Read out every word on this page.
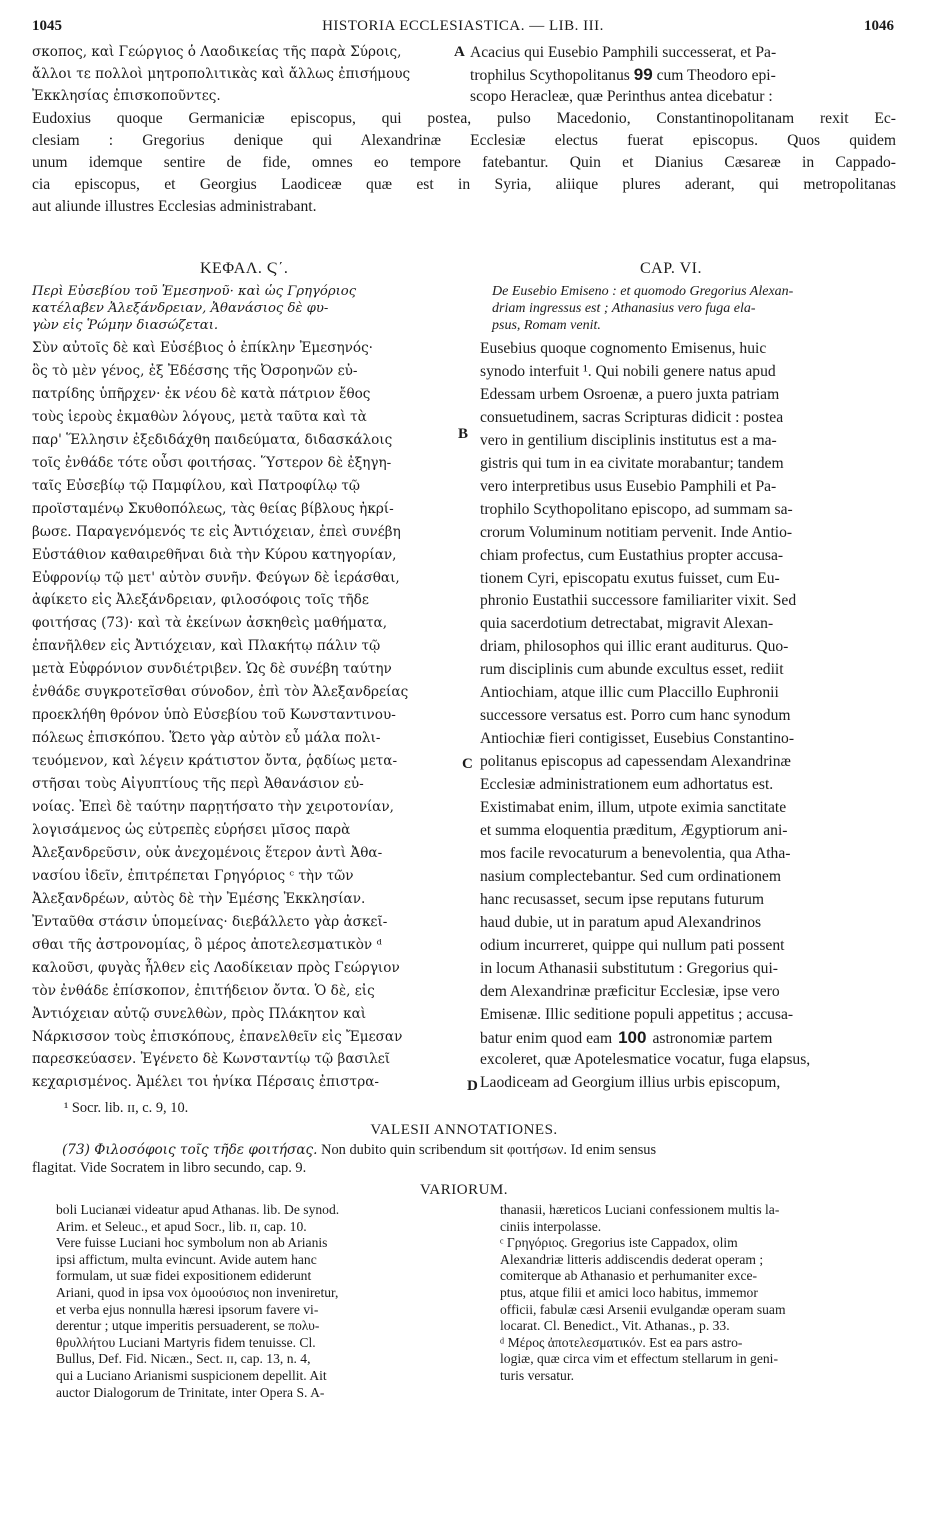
1045	HISTORIA ECCLESIASTICA. — LIB. III.	1046
σκοπος, καὶ Γεώργιος ὁ Λαοδικείας τῆς παρὰ Σύροις,
ἄλλοι τε πολλοὶ μητροπολιτικὰς καὶ ἄλλως ἐπισήμους
Ἐκκλησίας ἐπισκοποῦντες.
A Acacius qui Eusebio Pamphili successerat, et Pa-
trophilus Scythopolitanus 99 cum Theodoro epi-
scopo Heracleæ, quæ Perinthus antea dicebatur :
Eudoxius quoque Germaniciæ episcopus, qui postea, pulso Macedonio, Constantinopolitanam rexit Ec-
clesiam : Gregorius denique qui Alexandrinæ Ecclesiæ electus fuerat episcopus. Quos quidem
unum idemque sentire de fide, omnes eo tempore fatebantur. Quin et Dianius Cæsareæ in Cappado-
cia episcopus, et Georgius Laodiceæ quæ est in Syria, aliique plures aderant, qui metropolitanas
aut aliunde illustres Ecclesias administrabant.
ΚΕΦΑΛ. Ϛ΄.	CAP. VI.
Περὶ Εὐσεβίου τοῦ Ἐμεσηνοῦ· καὶ ὡς Γρηγόριος
κατέλαβεν Ἀλεξάνδρειαν, Ἀθανάσιος δὲ φυ-
γὼν εἰς Ῥώμην διασώζεται.
De Eusebio Emiseno : et quomodo Gregorius Alexan-
driam ingressus est ; Athanasius vero fuga ela-
psus, Romam venit.
Σὺν αὐτοῖς δὲ καὶ Εὐσέβιος ὁ ἐπίκλην Ἐμεσηνός·
ὃς τὸ μὲν γένος, ἐξ Ἐδέσσης τῆς Ὀσροηνῶν εὐ-
πατρίδης ὑπῆρχεν· ἐκ νέου δὲ κατὰ πάτριον ἔθος
τοὺς ἱεροὺς ἐκμαθὼν λόγους, μετὰ ταῦτα καὶ τὰ
παρ' Ἕλλησιν ἐξεδιδάχθη παιδεύματα, διδασκάλοις
τοῖς ἐνθάδε τότε οὖσι φοιτήσας. Ὕστερον δὲ ἐξηγη-
ταῖς Εὐσεβίῳ τῷ Παμφίλου, καὶ Πατροφίλῳ τῷ
προϊσταμένῳ Σκυθοπόλεως, τὰς θείας βίβλους ἠκρί-
βωσε. Παραγενόμενός τε εἰς Ἀντιόχειαν, ἐπεὶ συνέβη
Εὐστάθιον καθαιρεθῆναι διὰ τὴν Κύρου κατηγορίαν,
Εὐφρονίῳ τῷ μετ' αὐτὸν συνῆν. Φεύγων δὲ ἱεράσθαι,
ἀφίκετο εἰς Ἀλεξάνδρειαν, φιλοσόφοις τοῖς τῆδε
φοιτήσας (73)· καὶ τὰ ἐκείνων ἀσκηθεὶς μαθήματα,
ἐπανῆλθεν εἰς Ἀντιόχειαν, καὶ Πλακήτῳ πάλιν τῷ
μετὰ Εὐφρόνιον συνδιέτριβεν. Ὡς δὲ συνέβη ταύτην
ἐνθάδε συγκροτεῖσθαι σύνοδον, ἐπὶ τὸν Ἀλεξανδρείας
προεκλήθη θρόνον ὑπὸ Εὐσεβίου τοῦ Κωνσταντινου-
πόλεως ἐπισκόπου. Ὥετο γὰρ αὐτὸν εὖ μάλα πολι-
τευόμενον, καὶ λέγειν κράτιστον ὄντα, ῥᾳδίως μετα-
στῆσαι τοὺς Αἰγυπτίους τῆς περὶ Ἀθανάσιον εὐ-
νοίας. Ἐπεὶ δὲ ταύτην παρῃτήσατο τὴν χειροτονίαν,
λογισάμενος ὡς εὐτρεπὲς εὑρήσει μῖσος παρὰ
Ἀλεξανδρεῦσιν, οὐκ ἀνεχομένοις ἕτερον ἀντὶ Ἀθα-
νασίου ἰδεῖν, ἐπιτρέπεται Γρηγόριος ᶜ τὴν τῶν
Ἀλεξανδρέων, αὐτὸς δὲ τὴν Ἐμέσης Ἐκκλησίαν.
Ἐνταῦθα στάσιν ὑπομείνας· διεβάλλετο γὰρ ἀσκεῖ-
σθαι τῆς ἀστρονομίας, ὃ μέρος ἀποτελεσματικὸν ᵈ
καλοῦσι, φυγὰς ἦλθεν εἰς Λαοδίκειαν πρὸς Γεώργιον
τὸν ἐνθάδε ἐπίσκοπον, ἐπιτήδειον ὄντα. Ὁ δὲ, εἰς
Ἀντιόχειαν αὐτῷ συνελθὼν, πρὸς Πλάκητον καὶ
Νάρκισσον τοὺς ἐπισκόπους, ἐπανελθεῖν εἰς Ἔμεσαν
παρεσκεύασεν. Ἐγένετο δὲ Κωνσταντίῳ τῷ βασιλεῖ
κεχαρισμένος. Ἀμέλει τοι ἡνίκα Πέρσαις ἐπιστρα-
Eusebius quoque cognomento Emisenus, huic
synodo interfuit ¹. Qui nobili genere natus apud
Edessam urbem Osroenæ, a puero juxta patriam
consuetudinem, sacras Scripturas didicit : postea
vero in gentilium disciplinis institutus est a ma-
gistris qui tum in ea civitate morabantur; tandem
vero interpretibus usus Eusebio Pamphili et Pa-
trophilo Scythopolitano episcopo, ad summam sa-
crorum Voluminum notitiam pervenit. Inde Antio-
chiam profectus, cum Eustathius propter accusa-
tionem Cyri, episcopatu exutus fuisset, cum Eu-
phronio Eustathii successore familiariter vixit. Sed
quia sacerdotium detrectabat, migravit Alexan-
driam, philosophos qui illic erant auditurus. Quo-
rum disciplinis cum abunde excultus esset, rediit
Antiochiam, atque illic cum Placcillo Euphronii
successore versatus est. Porro cum hanc synodum
Antiochiæ fieri contigisset, Eusebius Constantino-
politanus episcopus ad capessendam Alexandrinæ
Ecclesiæ administrationem eum adhortatus est.
Existimabat enim, illum, utpote eximia sanctitate
et summa eloquentia præditum, Ægyptiorum ani-
mos facile revocaturum a benevolentia, qua Atha-
nasium complectebantur. Sed cum ordinationem
hanc recusasset, secum ipse reputans futurum
haud dubie, ut in paratum apud Alexandrinos
odium incurreret, quippe qui nullum pati possent
in locum Athanasii substitutum : Gregorius qui-
dem Alexandrinæ præficitur Ecclesiæ, ipse vero
Emisenæ. Illic seditione populi appetitus ; accusa-
batur enim quod eam 100 astronomiæ partem
excoleret, quæ Apotelesmatice vocatur, fuga elapsus,
Laodiceam ad Georgium illius urbis episcopum,
B
C
D
¹ Socr. lib. ɪɪ, c. 9, 10.
VALESII ANNOTATIONES.
(73) Φιλοσόφοις τοῖς τῆδε φοιτήσας. Non dubito quin scribendum sit φοιτήσων. Id enim sensus
flagitat. Vide Socratem in libro secundo, cap. 9.
VARIORUM.
boli Lucianæi videatur apud Athanas. lib. De synod.
Arim. et Seleuc., et apud Socr., lib. ɪɪ, cap. 10.
Vere fuisse Luciani hoc symbolum non ab Arianis
ipsi affictum, multa evincunt. Avide autem hanc
formulam, ut suæ fidei expositionem ediderunt
Ariani, quod in ipsa vox ὁμοούσιος non inveniretur,
et verba ejus nonnulla hæresi ipsorum favere vi-
derentur ; utque imperitis persuaderent, se πολυ-
θρυλλήτου Luciani Martyris fidem tenuisse. Cl.
Bullus, Def. Fid. Nicæn., Sect. ɪɪ, cap. 13, n. 4,
qui a Luciano Arianismi suspicionem depellit. Ait
auctor Dialogorum de Trinitate, inter Opera S. A-
thanasii, hæreticos Luciani confessionem multis la-
ciniis interpolasse.
ᶜ Γρηγόριος. Gregorius iste Cappadox, olim
Alexandriæ litteris addiscendis dederat operam ;
comiterque ab Athanasio et perhumaniter exce-
ptus, atque filii et amici loco habitus, immemor
officii, fabulæ cæsi Arsenii evulgandæ operam suam
locarat. Cl. Benedict., Vit. Athanas., p. 33.
ᵈ Μέρος ἀποτελεσματικόν. Est ea pars astro-
logiæ, quæ circa vim et effectum stellarum in geni-
turis versatur.
